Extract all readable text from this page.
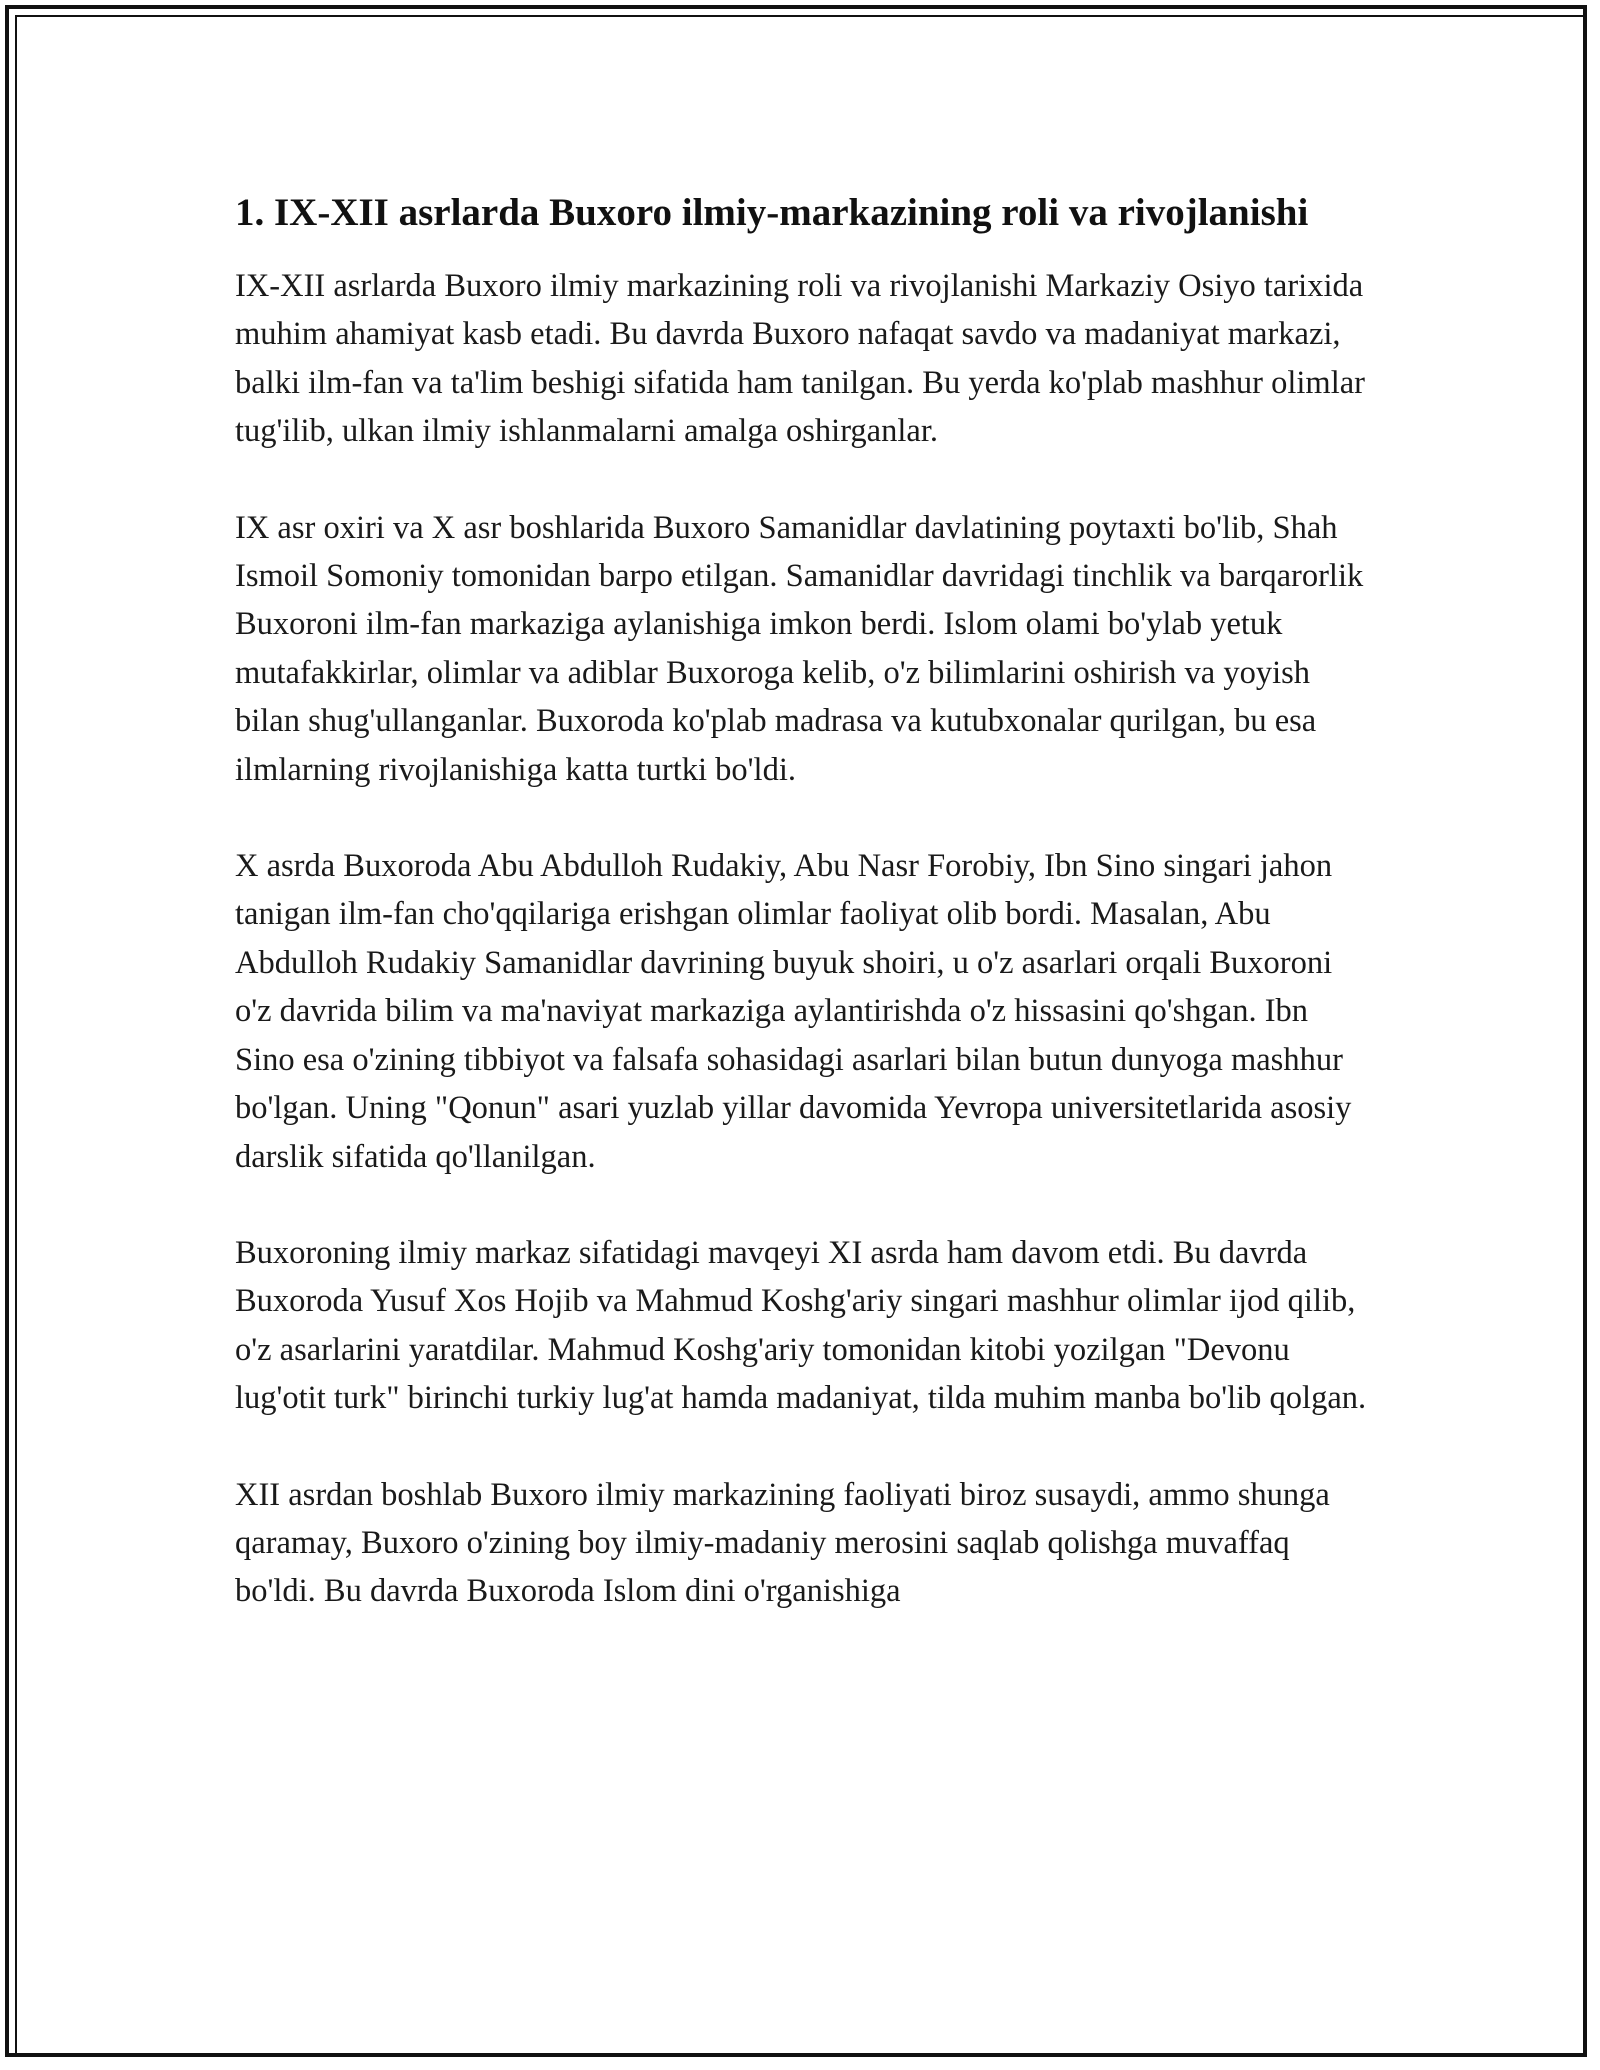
1. IX-XII asrlarda Buxoro ilmiy-markazining roli va rivojlanishi

IX-XII asrlarda Buxoro ilmiy markazining roli va rivojlanishi Markaziy Osiyo tarixida muhim ahamiyat kasb etadi. Bu davrda Buxoro nafaqat savdo va madaniyat markazi, balki ilm-fan va ta'lim beshigi sifatida ham tanilgan. Bu yerda ko'plab mashhur olimlar tug'ilib, ulkan ilmiy ishlanmalarni amalga oshirganlar.

IX asr oxiri va X asr boshlarida Buxoro Samanidlar davlatining poytaxti bo'lib, Shah Ismoil Somoniy tomonidan barpo etilgan. Samanidlar davridagi tinchlik va barqarorlik Buxoroni ilm-fan markaziga aylanishiga imkon berdi. Islom olami bo'ylab yetuk mutafakkirlar, olimlar va adiblar Buxoroga kelib, o'z bilimlarini oshirish va yoyish bilan shug'ullanganlar. Buxoroda ko'plab madrasa va kutubxonalar qurilgan, bu esa ilmlarning rivojlanishiga katta turtki bo'ldi.

X asrda Buxoroda Abu Abdulloh Rudakiy, Abu Nasr Forobiy, Ibn Sino singari jahon tanigan ilm-fan cho'qqilariga erishgan olimlar faoliyat olib bordi. Masalan, Abu Abdulloh Rudakiy Samanidlar davrining buyuk shoiri, u o'z asarlari orqali Buxoroni o'z davrida bilim va ma'naviyat markaziga aylantirishda o'z hissasini qo'shgan. Ibn Sino esa o'zining tibbiyot va falsafa sohasidagi asarlari bilan butun dunyoga mashhur bo'lgan. Uning "Qonun" asari yuzlab yillar davomida Yevropa universitetlarida asosiy darslik sifatida qo'llanilgan.

Buxoroning ilmiy markaz sifatidagi mavqeyi XI asrda ham davom etdi. Bu davrda Buxoroda Yusuf Xos Hojib va Mahmud Koshg'ariy singari mashhur olimlar ijod qilib, o'z asarlarini yaratdilar. Mahmud Koshg'ariy tomonidan kitobi yozilgan "Devonu lug'otit turk" birinchi turkiy lug'at hamda madaniyat, tilda muhim manba bo'lib qolgan.

XII asrdan boshlab Buxoro ilmiy markazining faoliyati biroz susaydi, ammo shunga qaramay, Buxoro o'zining boy ilmiy-madaniy merosini saqlab qolishga muvaffaq bo'ldi. Bu davrda Buxoroda Islom dini o'rganishiga
